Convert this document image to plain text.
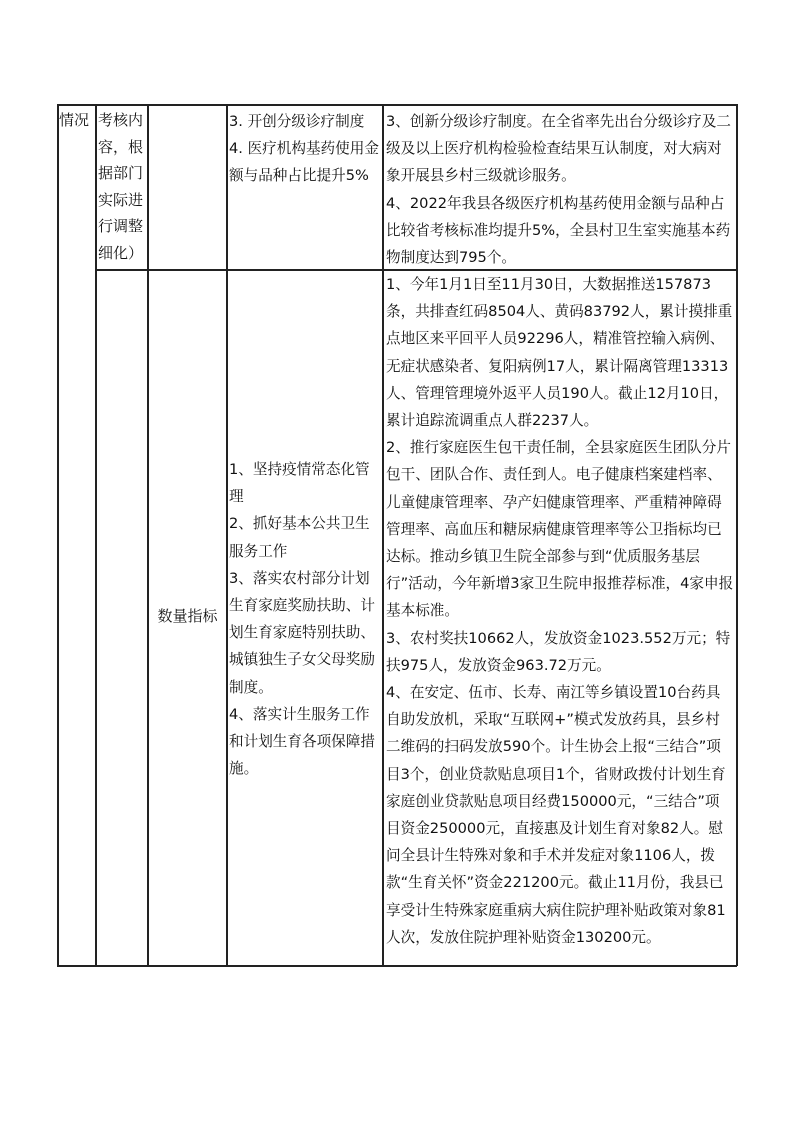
情况 考核内容，根据部门实际进行调整细化）

3. 开创分级诊疗制度

4. 医疗机构基药使用金额与品种占比提升5%

3、创新分级诊疗制度。在全省率先出台分级诊疗及二级及以上医疗机构检验检查结果互认制度，对大病对象开展县乡村三级就诊服务。

4、2022年我县各级医疗机构基药使用金额与品种占比较省考核标准均提升5%，全县村卫生室实施基本药物制度达到795个。

数量指标

1、坚持疫情常态化管理

2、抓好基本公共卫生服务工作

3、落实农村部分计划生育家庭奖励扶助、计划生育家庭特别扶助、城镇独生子女父母奖励制度。

4、落实计生服务工作和计划生育各项保障措施。

1、今年1月1日至11月30日，大数据推送157873条，共排查红码8504人、黄码83792人，累计摸排重点地区来平回平人员92296人，精准管控输入病例、无症状感染者、复阳病例17人，累计隔离管理13313人、管理管理境外返平人员190人。截止12月10日，累计追踪流调重点人群2237人。

2、推行家庭医生包干责任制，全县家庭医生团队分片包干、团队合作、责任到人。电子健康档案建档率、儿童健康管理率、孕产妇健康管理率、严重精神障碍管理率、高血压和糖尿病健康管理率等公卫指标均已达标。推动乡镇卫生院全部参与到“优质服务基层行”活动，今年新增3家卫生院申报推荐标准，4家申报基本标准。

3、农村奖扶10662人，发放资金1023.552万元；特扶975人，发放资金963.72万元。

4、在安定、伍市、长寿、南江等乡镇设置10台药具自助发放机，采取“互联网+”模式发放药具，县乡村二维码的扫码发放590个。计生协会上报“三结合”项目3个，创业贷款贴息项目1个，省财政拨付计划生育家庭创业贷款贴息项目经费150000元，“三结合”项目资金250000元，直接惠及计划生育对象82人。慰问全县计生特殊对象和手术并发症对象1106人，拨款“生育关怀”资金221200元。截止11月份，我县已享受计生特殊家庭重病大病住院护理补贴政策对象81人次，发放住院护理补贴资金130200元。
